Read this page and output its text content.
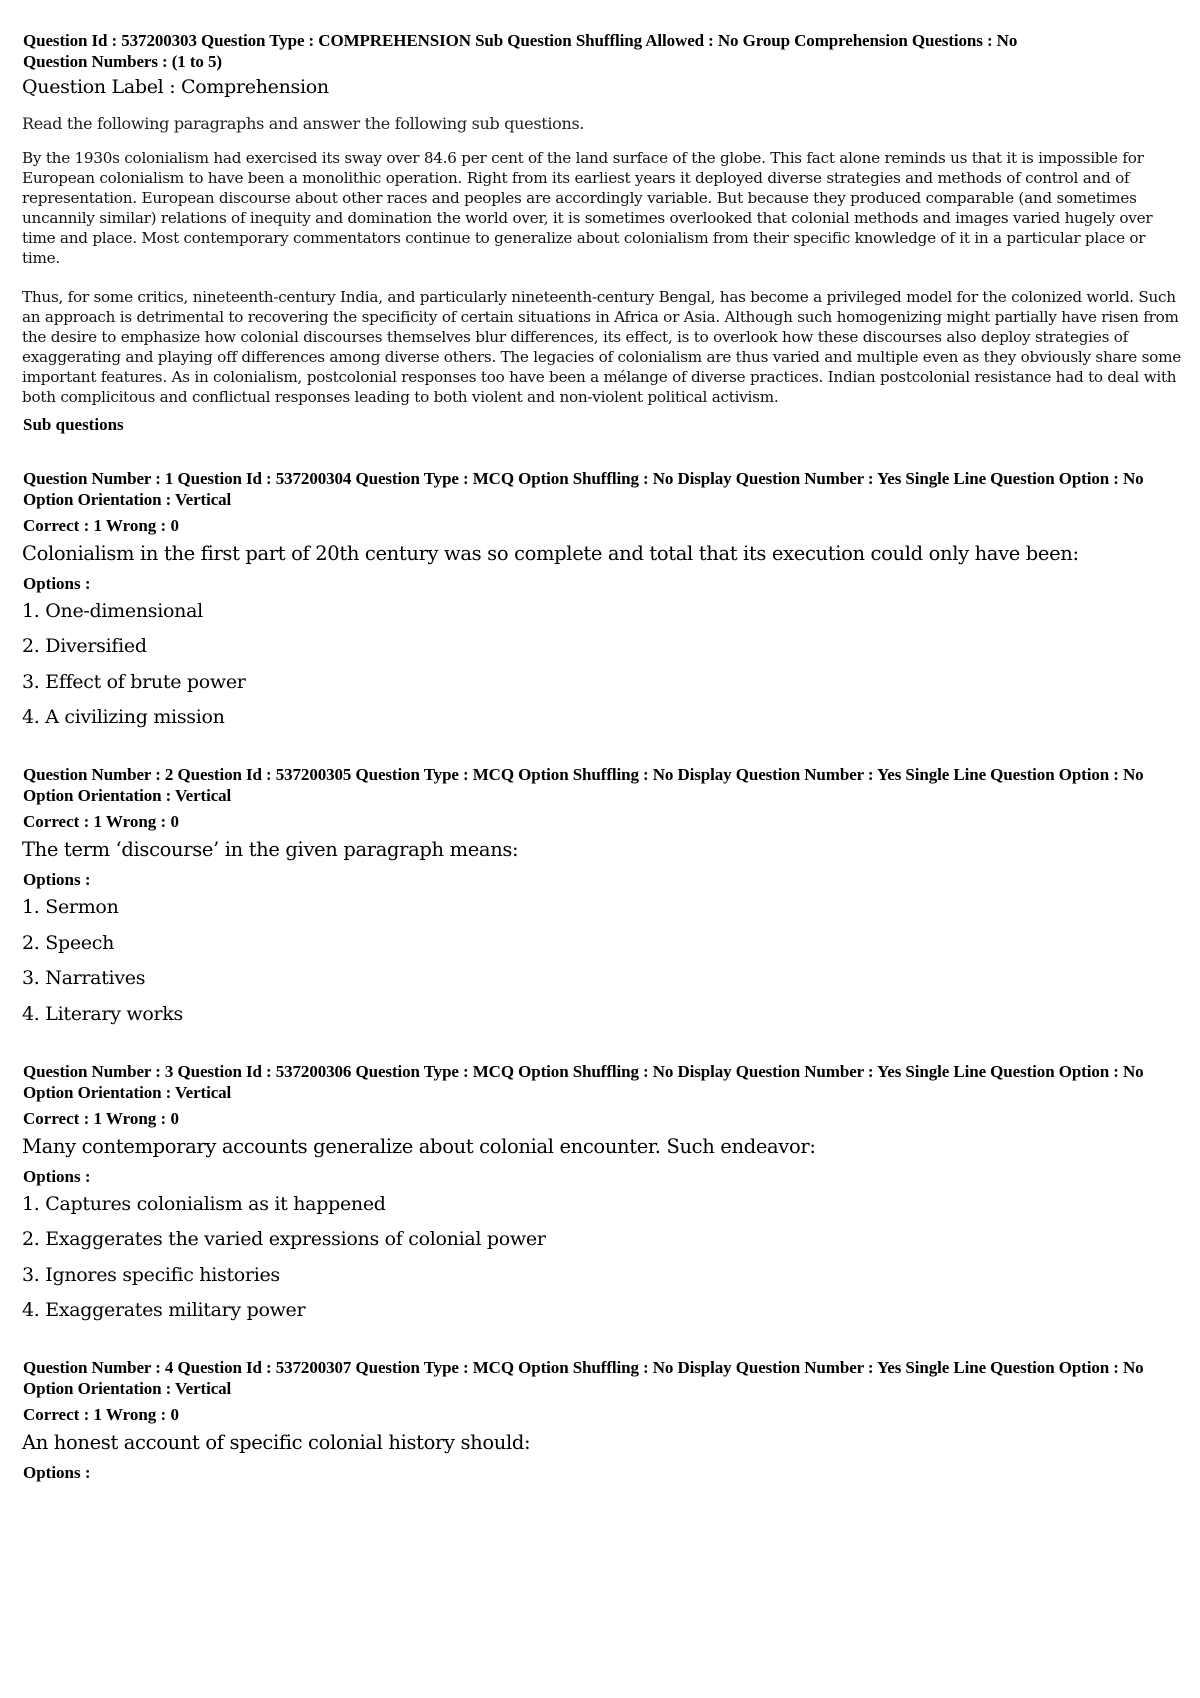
Question Id : 537200303 Question Type : COMPREHENSION Sub Question Shuffling Allowed : No Group Comprehension Questions : No

Question Numbers : (1 to 5)

Question Label : Comprehension

Read the following paragraphs and answer the following sub questions.

By the 1930s colonialism had exercised its sway over 84.6 per cent of the land surface of the globe. This fact alone reminds us that it is impossible for European colonialism to have been a monolithic operation. Right from its earliest years it deployed diverse strategies and methods of control and of representation. European discourse about other races and peoples are accordingly variable. But because they produced comparable (and sometimes uncannily similar) relations of inequity and domination the world over, it is sometimes overlooked that colonial methods and images varied hugely over time and place. Most contemporary commentators continue to generalize about colonialism from their specific knowledge of it in a particular place or time.

Thus, for some critics, nineteenth-century India, and particularly nineteenth-century Bengal, has become a privileged model for the colonized world. Such an approach is detrimental to recovering the specificity of certain situations in Africa or Asia. Although such homogenizing might partially have risen from the desire to emphasize how colonial discourses themselves blur differences, its effect, is to overlook how these discourses also deploy strategies of exaggerating and playing off differences among diverse others. The legacies of colonialism are thus varied and multiple even as they obviously share some important features. As in colonialism, postcolonial responses too have been a mélange of diverse practices. Indian postcolonial resistance had to deal with both complicitous and conflictual responses leading to both violent and non-violent political activism.

Sub questions

Question Number : 1 Question Id : 537200304 Question Type : MCQ Option Shuffling : No Display Question Number : Yes Single Line Question Option : No Option Orientation : Vertical

Correct : 1 Wrong : 0

Colonialism in the first part of 20th century was so complete and total that its execution could only have been:

Options :

1. One-dimensional
2. Diversified
3. Effect of brute power
4. A civilizing mission

Question Number : 2 Question Id : 537200305 Question Type : MCQ Option Shuffling : No Display Question Number : Yes Single Line Question Option : No Option Orientation : Vertical

Correct : 1 Wrong : 0

The term ‘discourse’ in the given paragraph means:

Options :

1. Sermon
2. Speech
3. Narratives
4. Literary works

Question Number : 3 Question Id : 537200306 Question Type : MCQ Option Shuffling : No Display Question Number : Yes Single Line Question Option : No Option Orientation : Vertical

Correct : 1 Wrong : 0

Many contemporary accounts generalize about colonial encounter. Such endeavor:

Options :

1. Captures colonialism as it happened
2. Exaggerates the varied expressions of colonial power
3. Ignores specific histories
4. Exaggerates military power

Question Number : 4 Question Id : 537200307 Question Type : MCQ Option Shuffling : No Display Question Number : Yes Single Line Question Option : No Option Orientation : Vertical

Correct : 1 Wrong : 0

An honest account of specific colonial history should:

Options :
